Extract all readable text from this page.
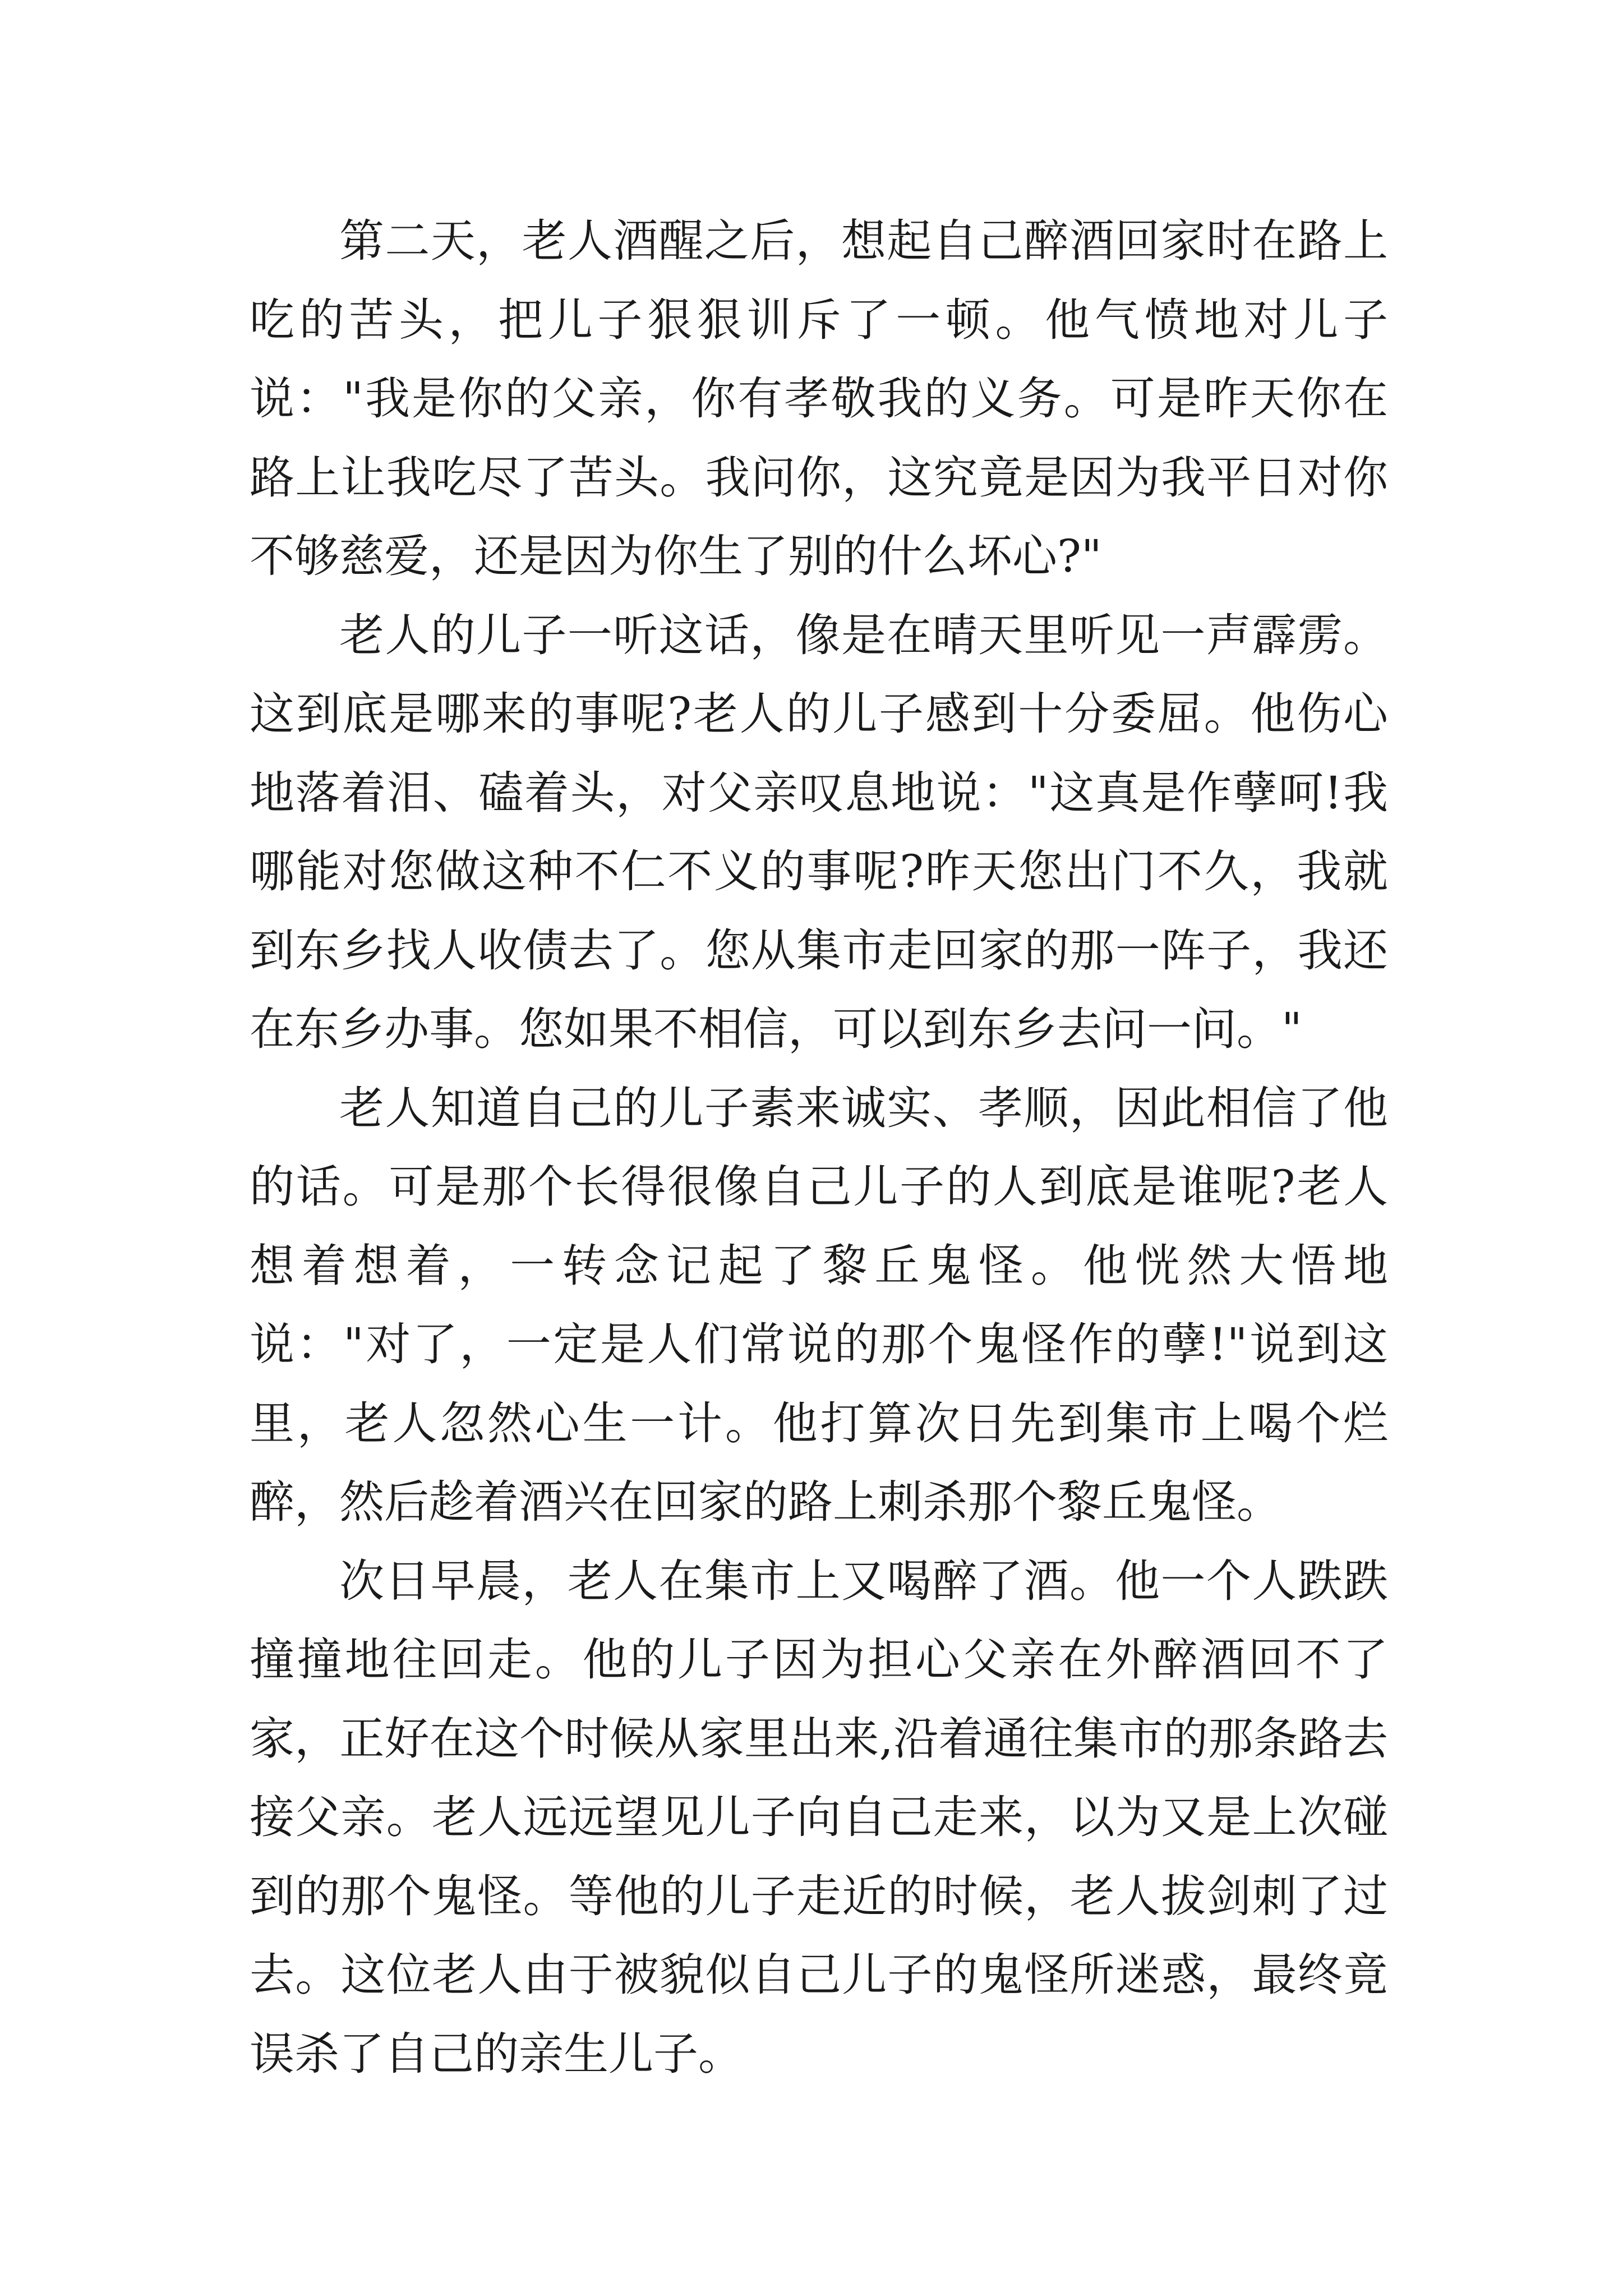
第二天，老人酒醒之后，想起自己醉酒回家时在路上吃的苦头，把儿子狠狠训斥了一顿。他气愤地对儿子说："我是你的父亲，你有孝敬我的义务。可是昨天你在路上让我吃尽了苦头。我问你，这究竟是因为我平日对你不够慈爱，还是因为你生了别的什么坏心?"

老人的儿子一听这话，像是在晴天里听见一声霹雳。这到底是哪来的事呢?老人的儿子感到十分委屈。他伤心地落着泪、磕着头，对父亲叹息地说："这真是作孽呵!我哪能对您做这种不仁不义的事呢?昨天您出门不久，我就到东乡找人收债去了。您从集市走回家的那一阵子，我还在东乡办事。您如果不相信，可以到东乡去问一问。"

老人知道自己的儿子素来诚实、孝顺，因此相信了他的话。可是那个长得很像自己儿子的人到底是谁呢?老人想着想着，一转念记起了黎丘鬼怪。他恍然大悟地说："对了，一定是人们常说的那个鬼怪作的孽!"说到这里，老人忽然心生一计。他打算次日先到集市上喝个烂醉，然后趁着酒兴在回家的路上刺杀那个黎丘鬼怪。

次日早晨，老人在集市上又喝醉了酒。他一个人跌跌撞撞地往回走。他的儿子因为担心父亲在外醉酒回不了家，正好在这个时候从家里出来,沿着通往集市的那条路去接父亲。老人远远望见儿子向自己走来，以为又是上次碰到的那个鬼怪。等他的儿子走近的时候，老人拔剑刺了过去。这位老人由于被貌似自己儿子的鬼怪所迷惑，最终竟误杀了自己的亲生儿子。
